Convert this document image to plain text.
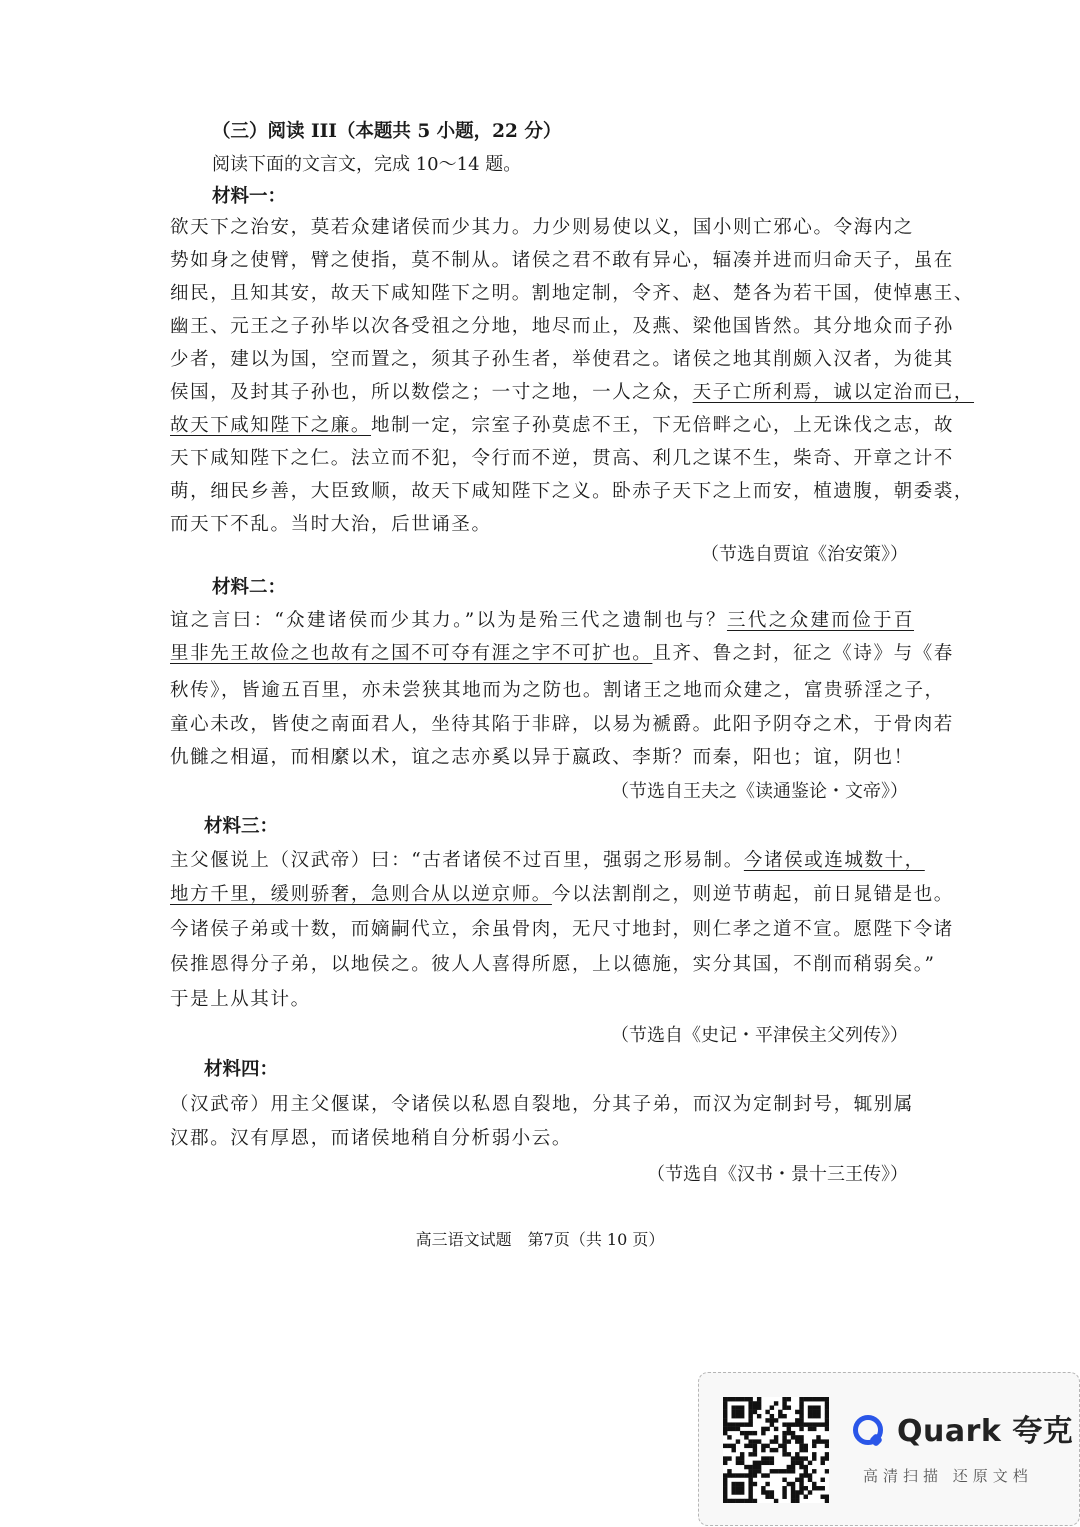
（三）阅读 III（本题共 5 小题，22 分）
阅读下面的文言文，完成 10～14 题。
材料一：
欲天下之治安，莫若众建诸侯而少其力。力少则易使以义，国小则亡邪心。令海内之
势如身之使臂，臂之使指，莫不制从。诸侯之君不敢有异心，辐凑并进而归命天子，虽在
细民，且知其安，故天下咸知陛下之明。割地定制，令齐、赵、楚各为若干国，使悼惠王、
幽王、元王之子孙毕以次各受祖之分地，地尽而止，及燕、梁他国皆然。其分地众而子孙
少者，建以为国，空而置之，须其子孙生者，举使君之。诸侯之地其削颇入汉者，为徙其
侯国，及封其子孙也，所以数偿之；一寸之地，一人之众，天子亡所利焉，诚以定治而已，
故天下咸知陛下之廉。地制一定，宗室子孙莫虑不王，下无倍畔之心，上无诛伐之志，故
天下咸知陛下之仁。法立而不犯，令行而不逆，贯高、利几之谋不生，柴奇、开章之计不
萌，细民乡善，大臣致顺，故天下咸知陛下之义。卧赤子天下之上而安，植遗腹，朝委裘，
而天下不乱。当时大治，后世诵圣。
（节选自贾谊《治安策》）
材料二：
谊之言曰：“众建诸侯而少其力。”以为是殆三代之遗制也与？三代之众建而俭于百
里非先王故俭之也故有之国不可夺有涯之宇不可扩也。且齐、鲁之封，征之《诗》与《春
秋传》，皆逾五百里，亦未尝狭其地而为之防也。割诸王之地而众建之，富贵骄淫之子，
童心未改，皆使之南面君人，坐待其陷于非辟，以易为褫爵。此阳予阴夺之术，于骨肉若
仇雠之相逼，而相縻以术，谊之志亦奚以异于嬴政、李斯？而秦，阳也；谊，阴也！
（节选自王夫之《读通鉴论・文帝》）
材料三：
主父偃说上（汉武帝）曰：“古者诸侯不过百里，强弱之形易制。今诸侯或连城数十，
地方千里，缓则骄奢，急则合从以逆京师。今以法割削之，则逆节萌起，前日晁错是也。
今诸侯子弟或十数，而嫡嗣代立，余虽骨肉，无尺寸地封，则仁孝之道不宣。愿陛下令诸
侯推恩得分子弟，以地侯之。彼人人喜得所愿，上以德施，实分其国，不削而稍弱矣。”
于是上从其计。
（节选自《史记・平津侯主父列传》）
材料四：
（汉武帝）用主父偃谋，令诸侯以私恩自裂地，分其子弟，而汉为定制封号，辄别属
汉郡。汉有厚恩，而诸侯地稍自分析弱小云。
（节选自《汉书・景十三王传》）
高三语文试题　第7页（共 10 页）
Quark 夸克
高清扫描 还原文档
